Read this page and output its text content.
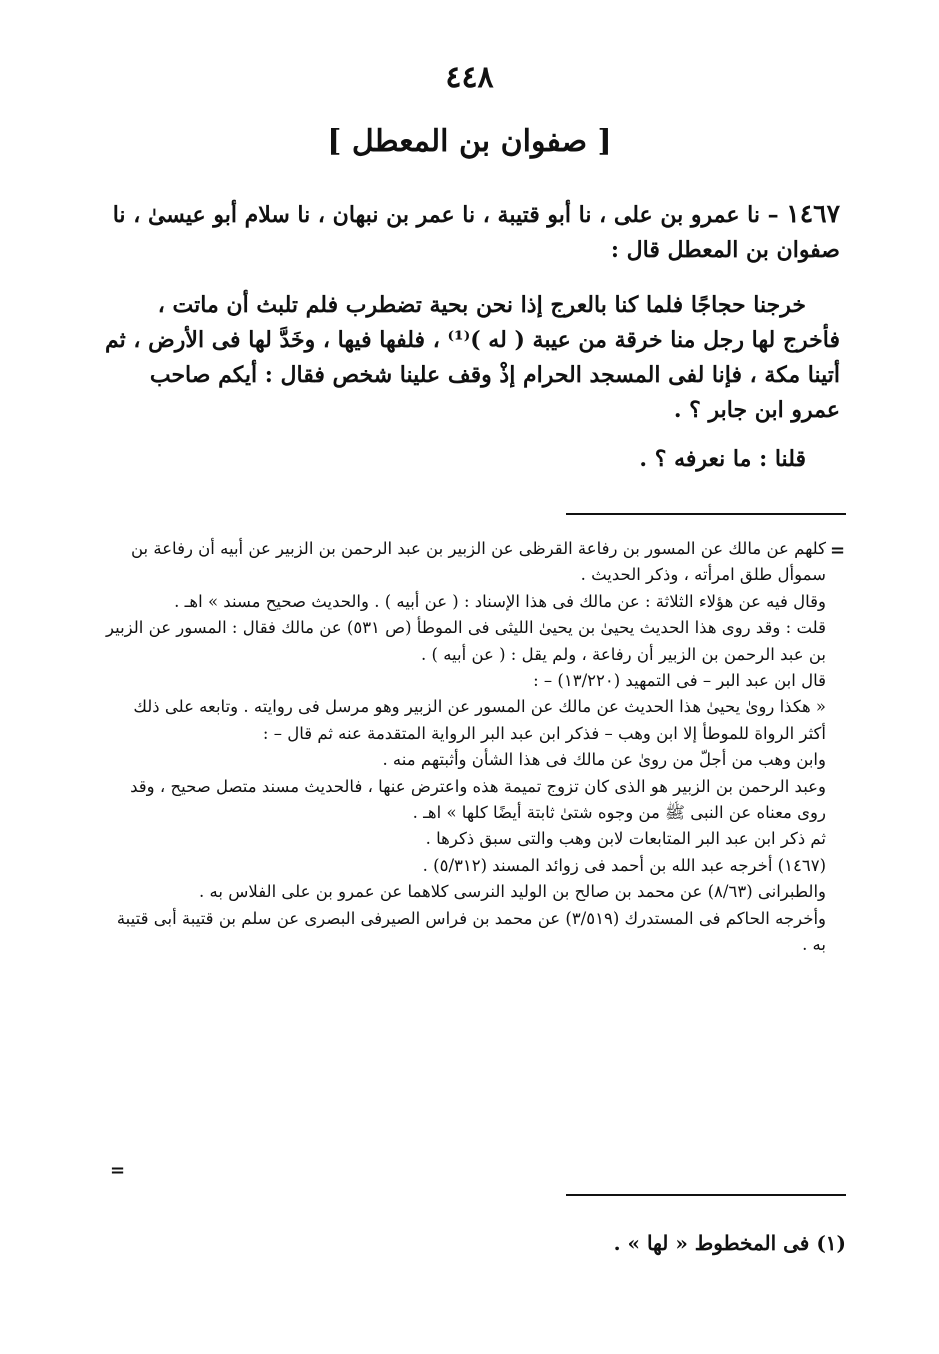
٤٤٨
[ صفوان بن المعطل ]

١٤٦٧ – نا عمرو بن على ، نا أبو قتيبة ، نا عمر بن نبهان ، نا سلام أبو عيسىٰ ، نا صفوان بن المعطل قال :

خرجنا حجاجًا فلما كنا بالعرج إذا نحن بحية تضطرب فلم تلبث أن ماتت ، فأخرج لها رجل منا خرقة من عيبة ( له )⁽¹⁾ ، فلفها فيها ، وخَدَّ لها فى الأرض ، ثم أتينا مكة ، فإنا لفى المسجد الحرام إذْ وقف علينا شخص فقال : أيكم صاحب عمرو ابن جابر ؟ .

قلنا : ما نعرفه ؟ .

=

كلهم عن مالك عن المسور بن رفاعة القرظى عن الزبير بن عبد الرحمن بن الزبير عن أبيه أن رفاعة بن سموأل طلق امرأته ، وذكر الحديث .

وقال فيه عن هؤلاء الثلاثة : عن مالك فى هذا الإسناد : ( عن أبيه ) . والحديث صحيح مسند » اهـ .

قلت : وقد روى هذا الحديث يحيىٰ بن يحيىٰ الليثى فى الموطأ (ص ٥٣١) عن مالك فقال : المسور عن الزبير بن عبد الرحمن بن الزبير أن رفاعة ، ولم يقل : ( عن أبيه ) .

قال ابن عبد البر – فى التمهيد (١٣/٢٢٠) – :

« هكذا روىٰ يحيىٰ هذا الحديث عن مالك عن المسور عن الزبير وهو مرسل فى روايته . وتابعه على ذلك أكثر الرواة للموطأ إلا ابن وهب – فذكر ابن عبد البر الرواية المتقدمة عنه ثم قال – :

وابن وهب من أجلّ من روىٰ عن مالك فى هذا الشأن وأثبتهم منه .

وعبد الرحمن بن الزبير هو الذى كان تزوج تميمة هذه واعترض عنها ، فالحديث مسند متصل صحيح ، وقد روى معناه عن النبى ﷺ من وجوه شتىٰ ثابتة أيضًا كلها » اهـ .

ثم ذكر ابن عبد البر المتابعات لابن وهب والتى سبق ذكرها .

(١٤٦٧) أخرجه عبد الله بن أحمد فى زوائد المسند (٥/٣١٢) .

والطبرانى (٨/٦٣) عن محمد بن صالح بن الوليد النرسى كلاهما عن عمرو بن على الفلاس به .

وأخرجه الحاكم فى المستدرك (٣/٥١٩) عن محمد بن فراس الصيرفى البصرى عن سلم بن قتيبة أبى قتيبة به .

=
(١) فى المخطوط « لها » .
